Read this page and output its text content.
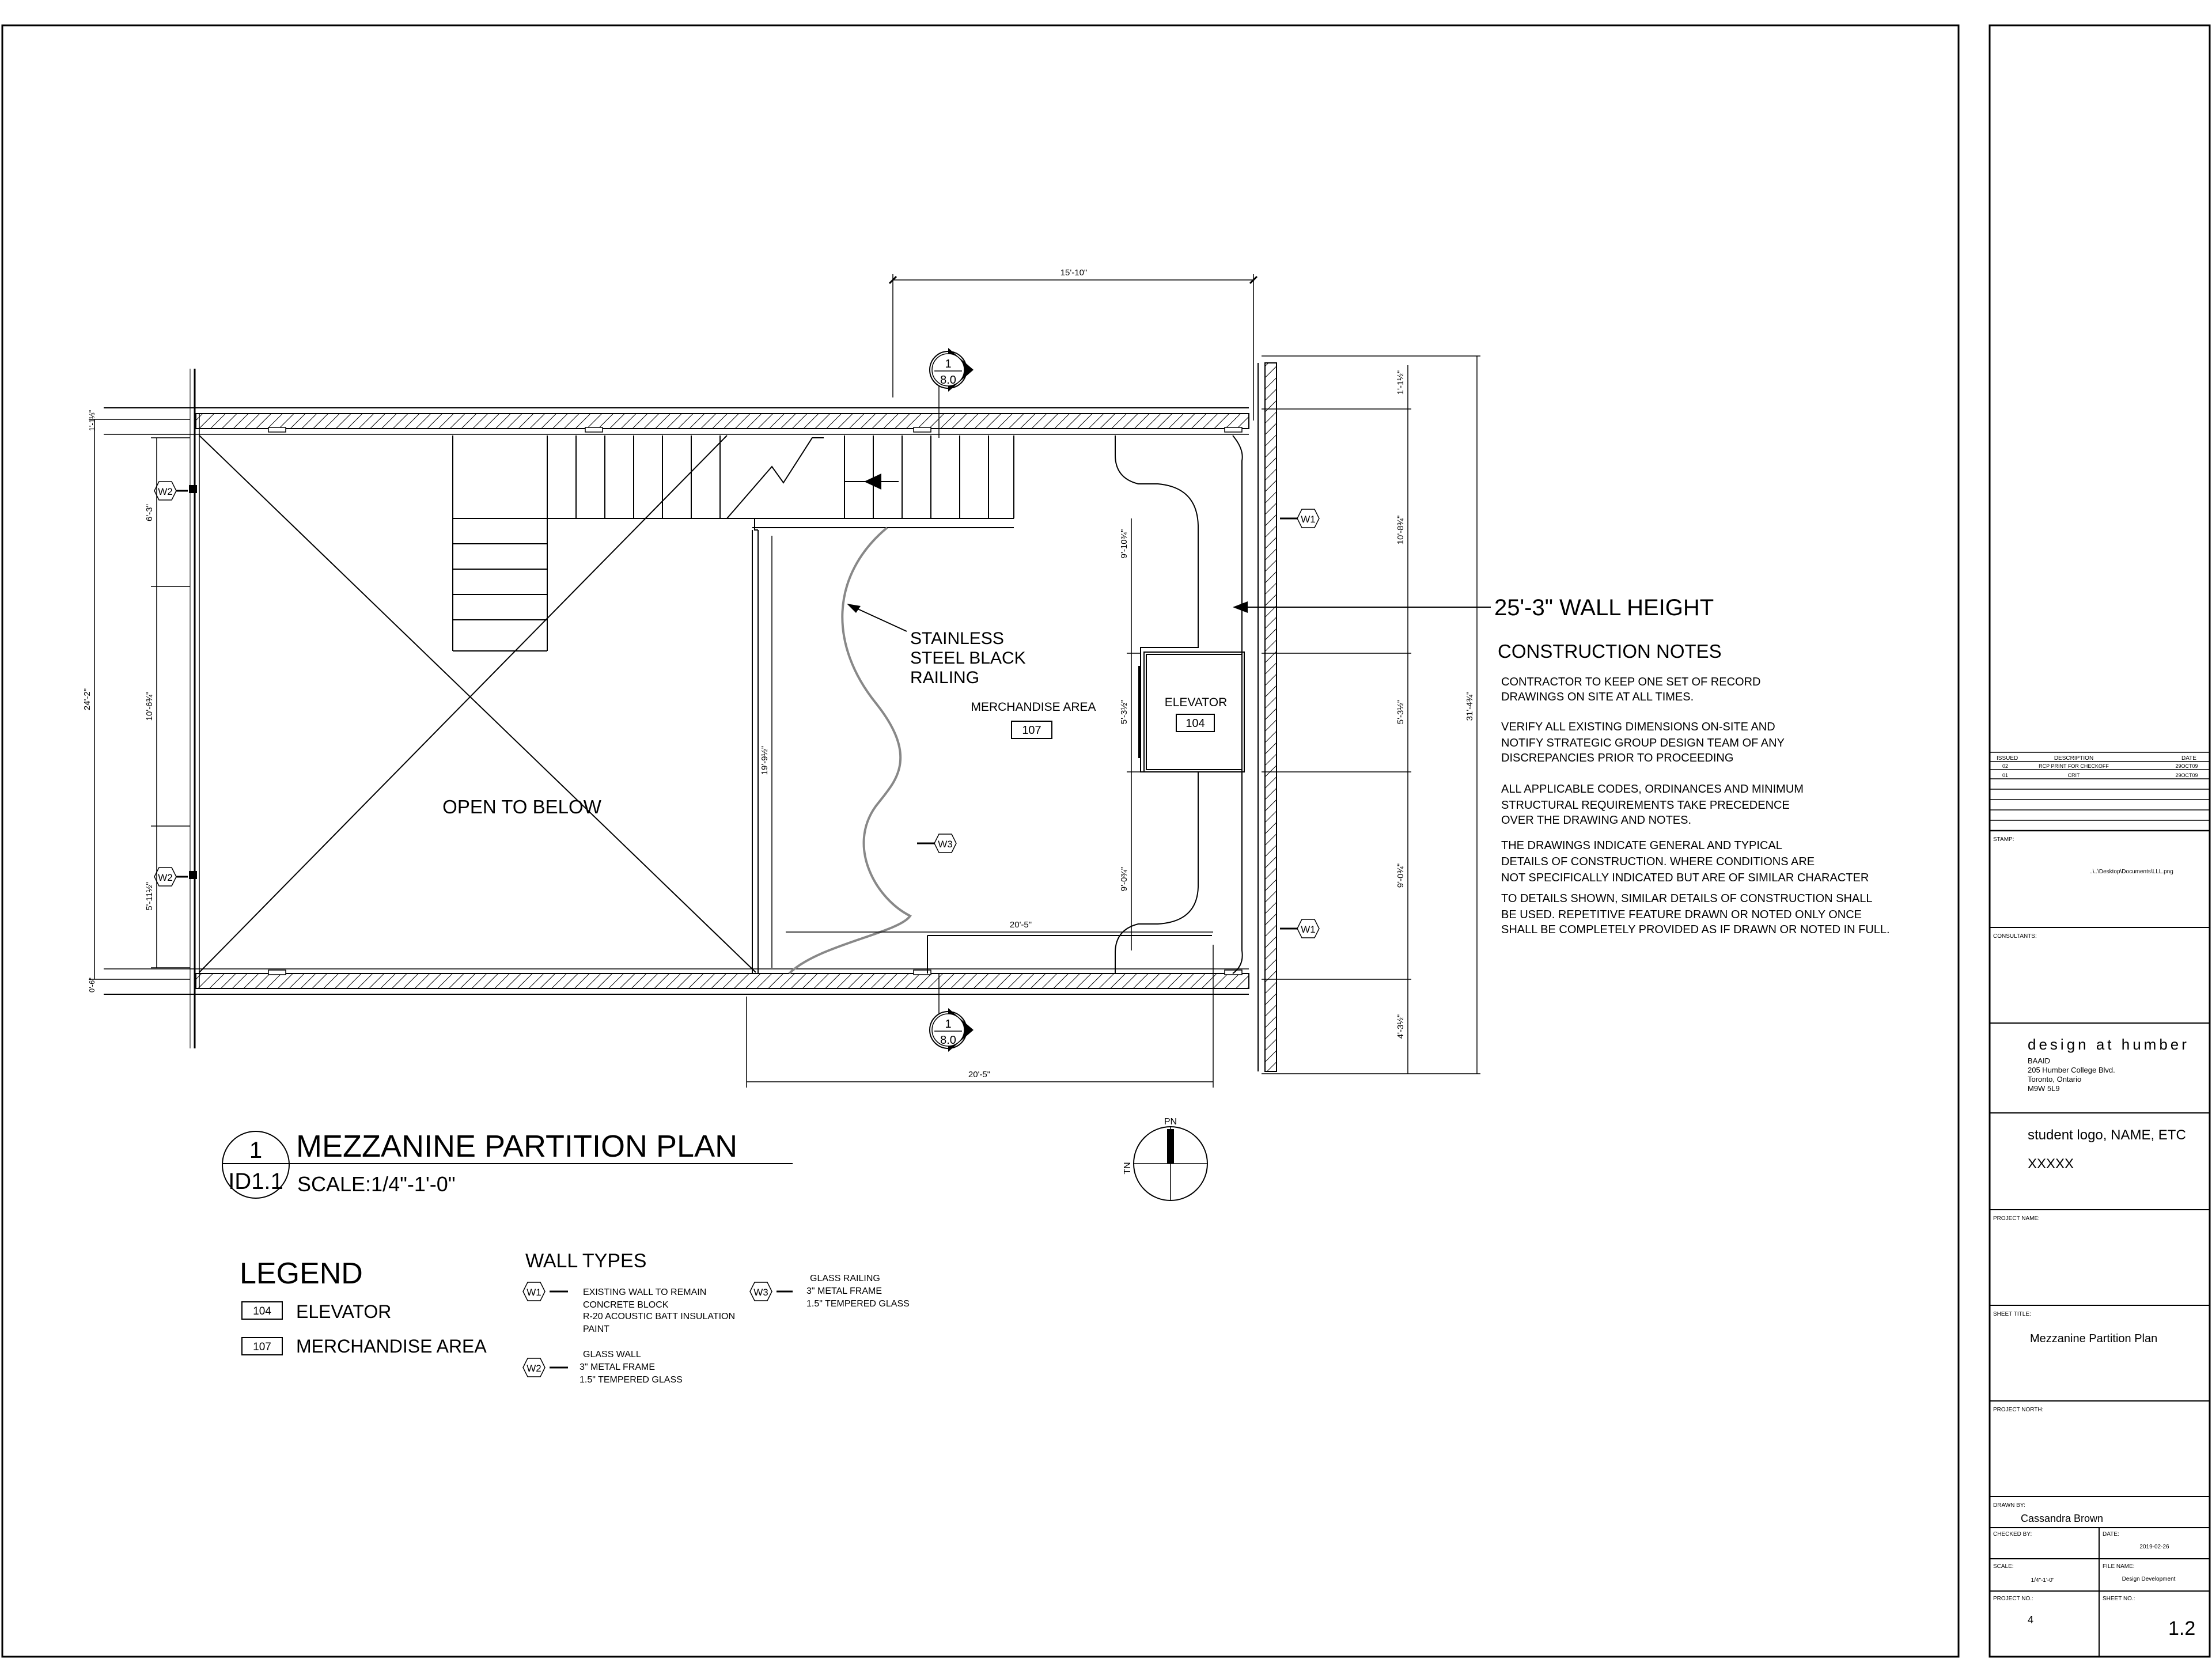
OPEN TO BELOW
MERCHANDISE AREA
107
ELEVATOR
104
STAINLESS
STEEL BLACK
RAILING
25'-3" WALL HEIGHT
W2
W2
W1
W1
W3
1
8.0
1
8.0
15'-10"
20'-5"
20'-5"
24'-2"
1'-1⅓"
6'-3"
10'-6¾"
5'-11½"
0'-6"
19'-9½"
9'-10¾"
5'-3½"
9'-0¾"
31'-4¾"
1'-1½"
10'-8¾"
5'-3½"
9'-0¾"
4'-3½"
CONSTRUCTION NOTES
CONTRACTOR TO KEEP ONE SET OF RECORD
DRAWINGS ON SITE AT ALL TIMES.
VERIFY ALL EXISTING DIMENSIONS ON-SITE AND
NOTIFY STRATEGIC GROUP DESIGN TEAM OF ANY
DISCREPANCIES PRIOR TO PROCEEDING
ALL APPLICABLE CODES, ORDINANCES AND MINIMUM
STRUCTURAL REQUIREMENTS TAKE PRECEDENCE
OVER THE DRAWING AND NOTES.
THE DRAWINGS INDICATE GENERAL AND TYPICAL
DETAILS OF CONSTRUCTION. WHERE CONDITIONS ARE
NOT SPECIFICALLY INDICATED BUT ARE OF SIMILAR CHARACTER
TO DETAILS SHOWN, SIMILAR DETAILS OF CONSTRUCTION SHALL
BE USED. REPETITIVE FEATURE DRAWN OR NOTED ONLY ONCE
SHALL BE COMPLETELY PROVIDED AS IF DRAWN OR NOTED IN FULL.
1
ID1.1
MEZZANINE PARTITION PLAN
SCALE:1/4"-1'-0"
PN
TN
LEGEND
104 ELEVATOR
107 MERCHANDISE AREA
WALL TYPES
W1	EXISTING WALL TO REMAIN
CONCRETE BLOCK
R-20 ACOUSTIC BATT INSULATION
PAINT
W2
GLASS WALL
3" METAL FRAME
1.5" TEMPERED GLASS
W3
GLASS RAILING
3" METAL FRAME
1.5" TEMPERED GLASS
ISSUED	DESCRIPTION	DATE
02	RCP PRINT FOR CHECKOFF	29OCT09
01	CRIT	29OCT09
STAMP:
..\..\Desktop\Documents\LLL.png
CONSULTANTS:
design at humber
BAAID
205 Humber College Blvd.
Toronto, Ontario
M9W 5L9
student logo, NAME, ETC
XXXXX
PROJECT NAME:
SHEET TITLE:
Mezzanine Partition Plan
PROJECT NORTH:
DRAWN BY:
Cassandra Brown
CHECKED BY:	DATE:
2019-02-26
SCALE:
1/4"-1'-0"
FILE NAME:
Design Development
PROJECT NO.:
4
SHEET NO.:
1.2
